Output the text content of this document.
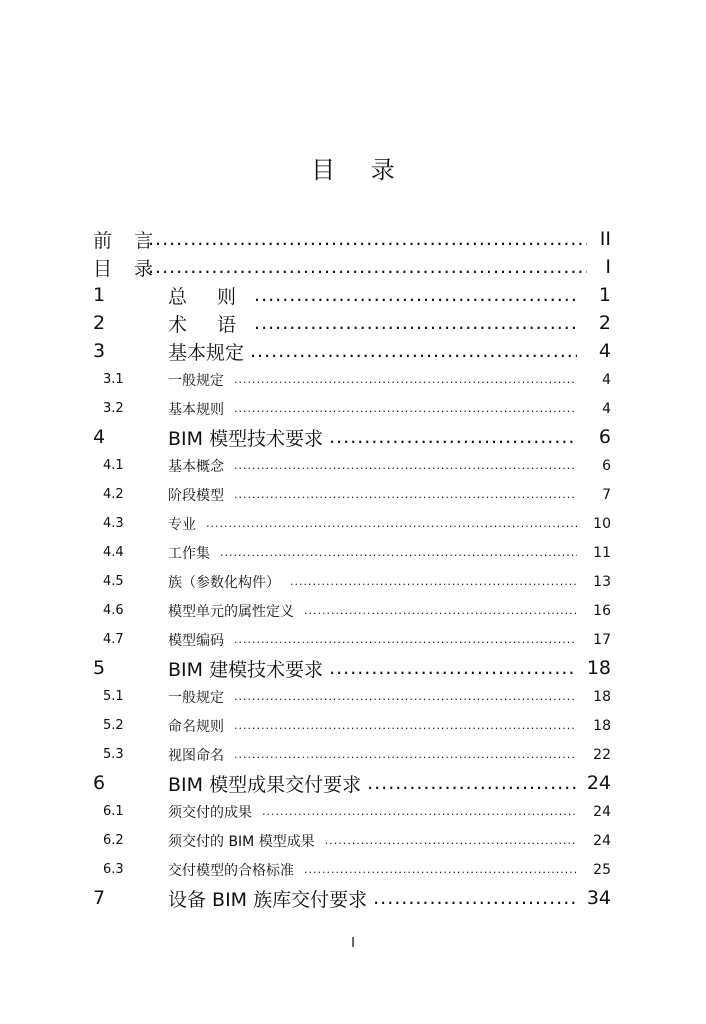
目 录
前 言 .....	II
目 录 .....	I
1	总 则 .....	1
2	术 语 .....	2
3	基本规定 .....	4
3.1	一般规定 .....	4
3.2	基本规则 .....	4
4	BIM 模型技术要求 .....	6
4.1	基本概念 .....	6
4.2	阶段模型 .....	7
4.3	专业 .....	10
4.4	工作集 .....	11
4.5	族（参数化构件） .....	13
4.6	模型单元的属性定义 .....	16
4.7	模型编码 .....	17
5	BIM 建模技术要求 .....	18
5.1	一般规定 .....	18
5.2	命名规则 .....	18
5.3	视图命名 .....	22
6	BIM 模型成果交付要求 .....	24
6.1	须交付的成果 .....	24
6.2	须交付的 BIM 模型成果 .....	24
6.3	交付模型的合格标准 .....	25
7	设备 BIM 族库交付要求 .....	34
I
